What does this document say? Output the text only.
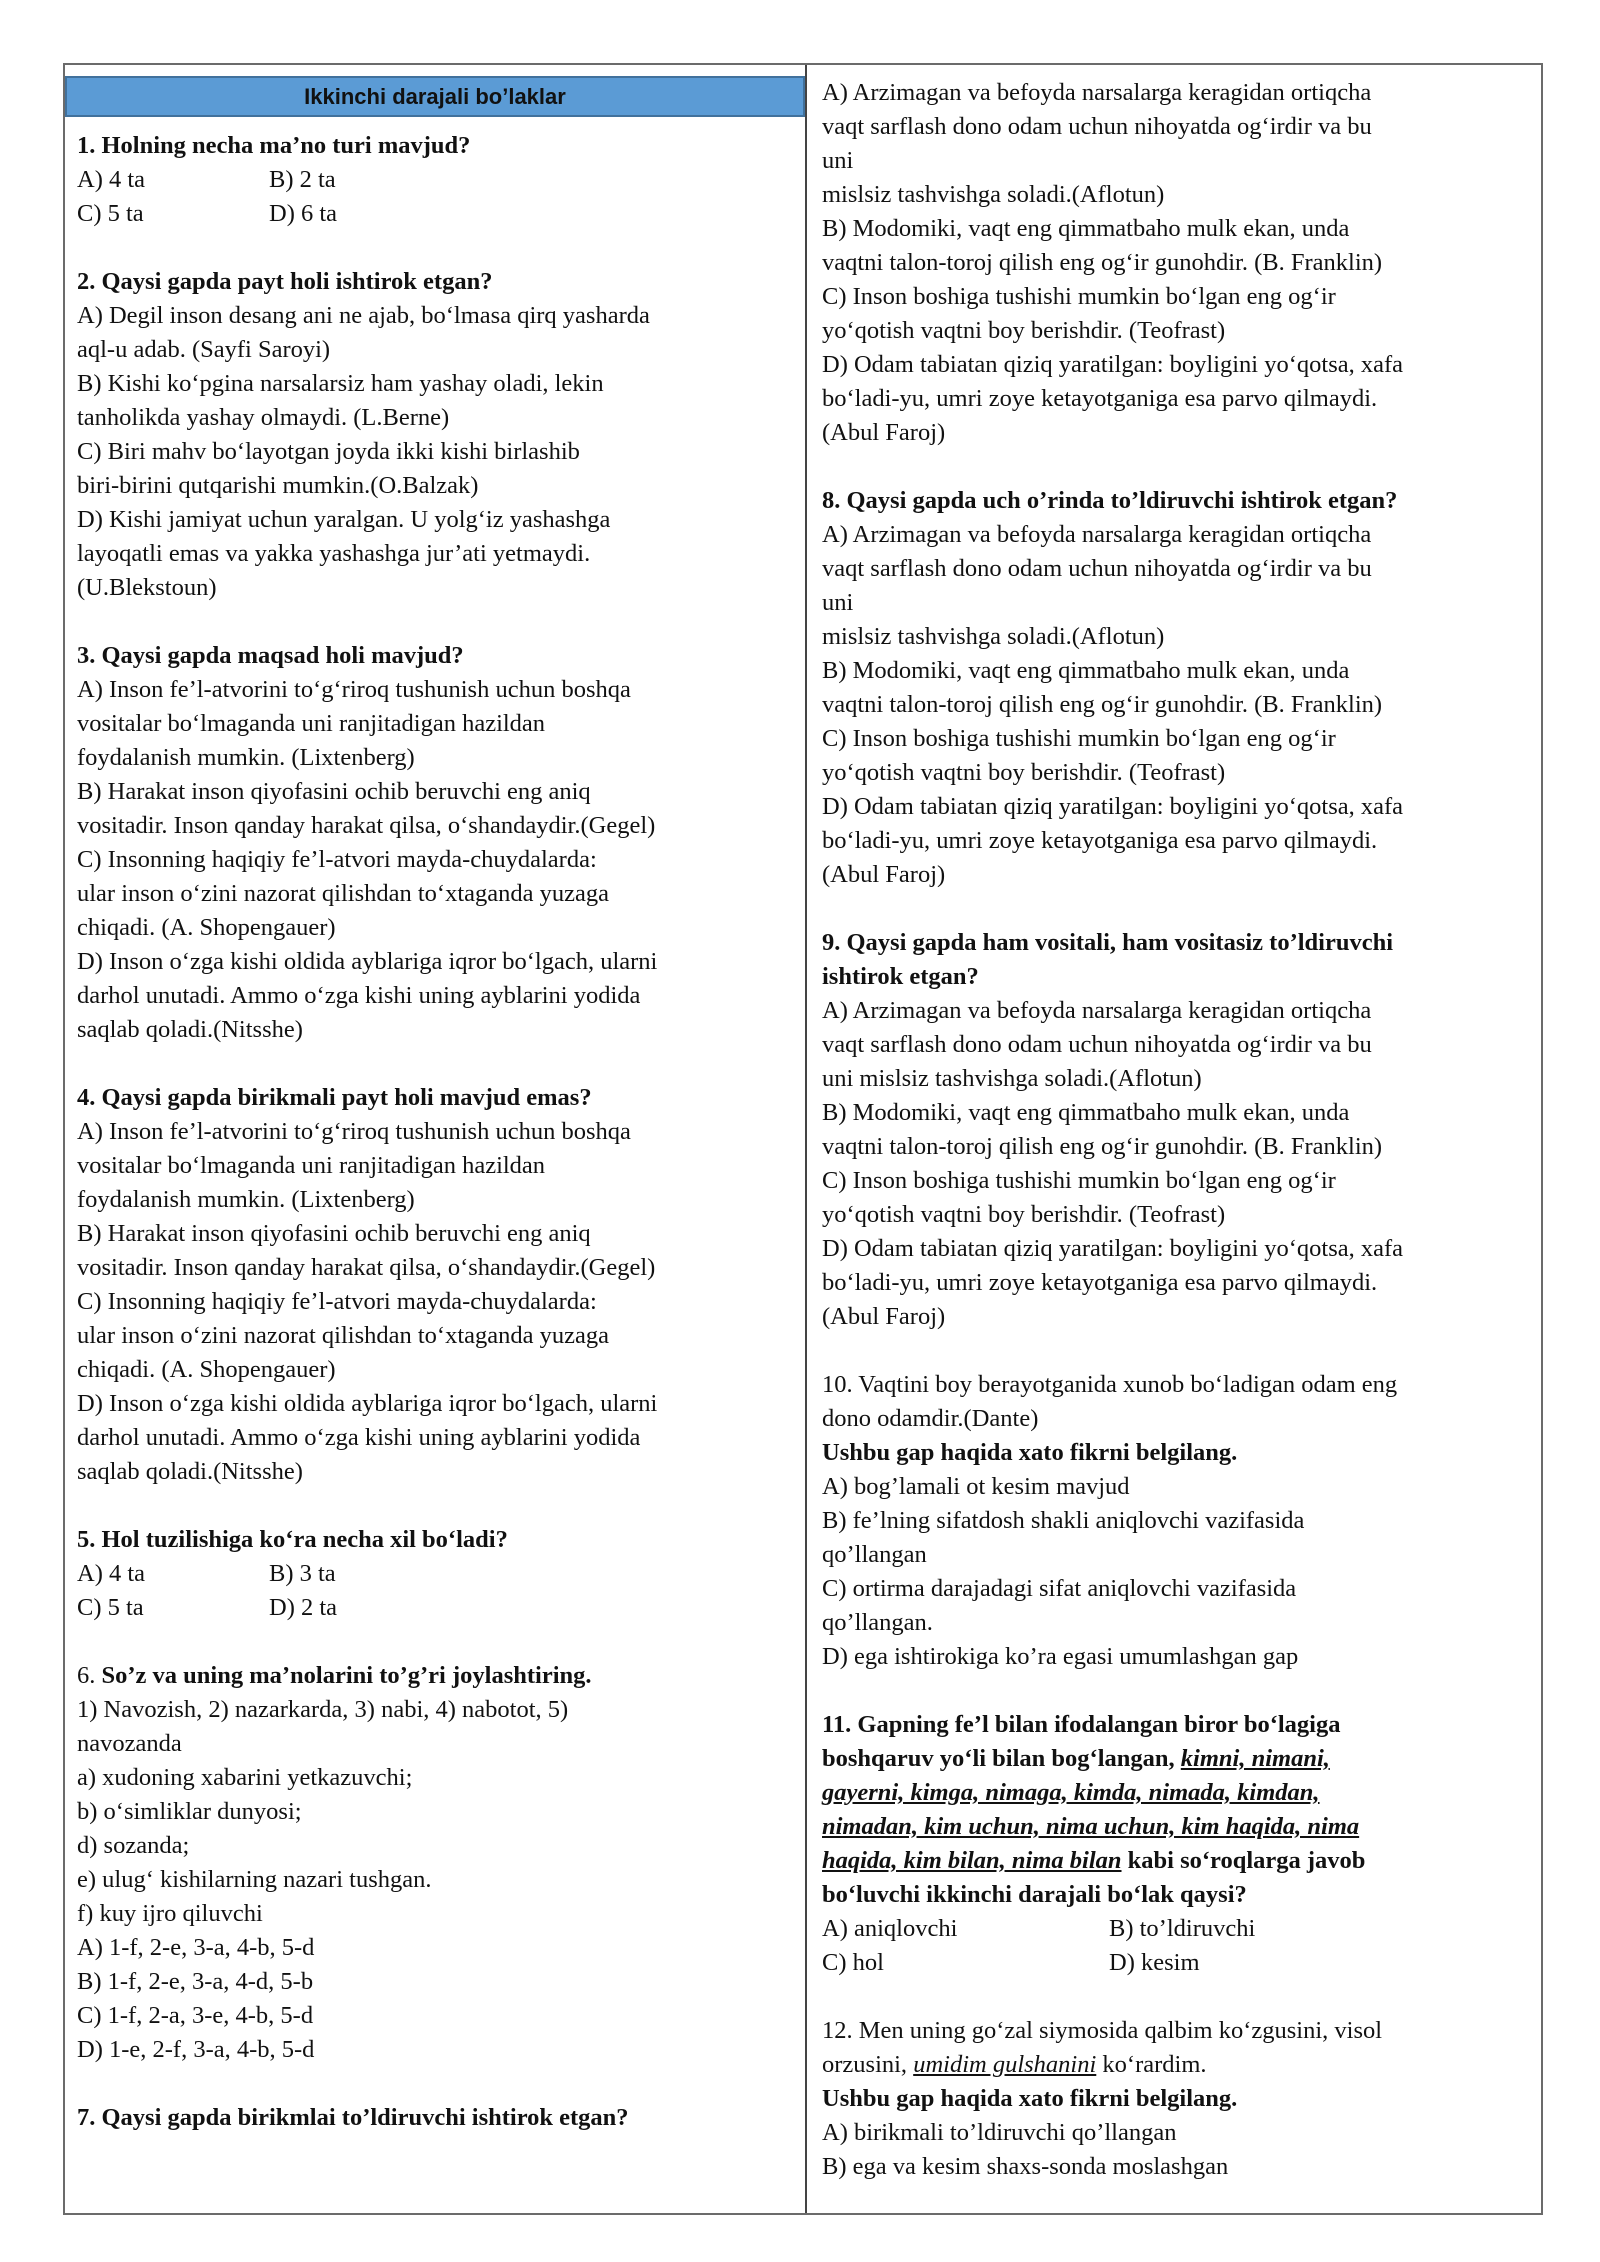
Ikkinchi darajali bo’laklar
1. Holning necha ma’no turi mavjud?
A) 4 ta	B) 2 ta
C) 5 ta	D) 6 ta
2. Qaysi gapda payt holi ishtirok etgan?
A) Degil inson desang ani ne ajab, bo‘lmasa qirq yasharda
aql-u adab. (Sayfi Saroyi)
B) Kishi ko‘pgina narsalarsiz ham yashay oladi, lekin
tanholikda yashay olmaydi. (L.Berne)
C) Biri mahv bo‘layotgan joyda ikki kishi birlashib
biri-birini qutqarishi mumkin.(O.Balzak)
D) Kishi jamiyat uchun yaralgan. U yolg‘iz yashashga
layoqatli emas va yakka yashashga jur’ati yetmaydi.
(U.Blekstoun)
3. Qaysi gapda maqsad holi mavjud?
A) Inson fe’l-atvorini to‘g‘riroq tushunish uchun boshqa
vositalar bo‘lmaganda uni ranjitadigan hazildan
foydalanish mumkin. (Lixtenberg)
B) Harakat inson qiyofasini ochib beruvchi eng aniq
vositadir. Inson qanday harakat qilsa, o‘shandaydir.(Gegel)
C) Insonning haqiqiy fe’l-atvori mayda-chuydalarda:
ular inson o‘zini nazorat qilishdan to‘xtaganda yuzaga
chiqadi. (A. Shopengauer)
D) Inson o‘zga kishi oldida ayblariga iqror bo‘lgach, ularni
darhol unutadi. Ammo o‘zga kishi uning ayblarini yodida
saqlab qoladi.(Nitsshe)
4. Qaysi gapda birikmali payt holi mavjud emas?
A) Inson fe’l-atvorini to‘g‘riroq tushunish uchun boshqa
vositalar bo‘lmaganda uni ranjitadigan hazildan
foydalanish mumkin. (Lixtenberg)
B) Harakat inson qiyofasini ochib beruvchi eng aniq
vositadir. Inson qanday harakat qilsa, o‘shandaydir.(Gegel)
C) Insonning haqiqiy fe’l-atvori mayda-chuydalarda:
ular inson o‘zini nazorat qilishdan to‘xtaganda yuzaga
chiqadi. (A. Shopengauer)
D) Inson o‘zga kishi oldida ayblariga iqror bo‘lgach, ularni
darhol unutadi. Ammo o‘zga kishi uning ayblarini yodida
saqlab qoladi.(Nitsshe)
5. Hol tuzilishiga ko‘ra necha xil bo‘ladi?
A) 4 ta	B) 3 ta
C) 5 ta	D) 2 ta
6. So’z va uning ma’nolarini to’g’ri joylashtiring.
1) Navozish, 2) nazarkarda, 3) nabi, 4) nabotot, 5)
navozanda
a) xudoning xabarini yetkazuvchi;
b) o‘simliklar dunyosi;
d) sozanda;
e) ulug‘ kishilarning nazari tushgan.
f) kuy ijro qiluvchi
A) 1-f, 2-e, 3-a, 4-b, 5-d
B) 1-f, 2-e, 3-a, 4-d, 5-b
C) 1-f, 2-a, 3-e, 4-b, 5-d
D) 1-e, 2-f, 3-a, 4-b, 5-d
7. Qaysi gapda birikmlai to’ldiruvchi ishtirok etgan?
A) Arzimagan va befoyda narsalarga keragidan ortiqcha
vaqt sarflash dono odam uchun nihoyatda og‘irdir va bu
uni
mislsiz tashvishga soladi.(Aflotun)
B) Modomiki, vaqt eng qimmatbaho mulk ekan, unda
vaqtni talon-toroj qilish eng og‘ir gunohdir. (B. Franklin)
C) Inson boshiga tushishi mumkin bo‘lgan eng og‘ir
yo‘qotish vaqtni boy berishdir. (Teofrast)
D) Odam tabiatan qiziq yaratilgan: boyligini yo‘qotsa, xafa
bo‘ladi-yu, umri zoye ketayotganiga esa parvo qilmaydi.
(Abul Faroj)
8. Qaysi gapda uch o’rinda to’ldiruvchi ishtirok etgan?
A) Arzimagan va befoyda narsalarga keragidan ortiqcha
vaqt sarflash dono odam uchun nihoyatda og‘irdir va bu
uni
mislsiz tashvishga soladi.(Aflotun)
B) Modomiki, vaqt eng qimmatbaho mulk ekan, unda
vaqtni talon-toroj qilish eng og‘ir gunohdir. (B. Franklin)
C) Inson boshiga tushishi mumkin bo‘lgan eng og‘ir
yo‘qotish vaqtni boy berishdir. (Teofrast)
D) Odam tabiatan qiziq yaratilgan: boyligini yo‘qotsa, xafa
bo‘ladi-yu, umri zoye ketayotganiga esa parvo qilmaydi.
(Abul Faroj)
9. Qaysi gapda ham vositali, ham vositasiz to’ldiruvchi
ishtirok etgan?
A) Arzimagan va befoyda narsalarga keragidan ortiqcha
vaqt sarflash dono odam uchun nihoyatda og‘irdir va bu
uni mislsiz tashvishga soladi.(Aflotun)
B) Modomiki, vaqt eng qimmatbaho mulk ekan, unda
vaqtni talon-toroj qilish eng og‘ir gunohdir. (B. Franklin)
C) Inson boshiga tushishi mumkin bo‘lgan eng og‘ir
yo‘qotish vaqtni boy berishdir. (Teofrast)
D) Odam tabiatan qiziq yaratilgan: boyligini yo‘qotsa, xafa
bo‘ladi-yu, umri zoye ketayotganiga esa parvo qilmaydi.
(Abul Faroj)
10. Vaqtini boy berayotganida xunob bo‘ladigan odam eng
dono odamdir.(Dante)
Ushbu gap haqida xato fikrni belgilang.
A) bog’lamali ot kesim mavjud
B) fe’lning sifatdosh shakli aniqlovchi vazifasida
qo’llangan
C) ortirma darajadagi sifat aniqlovchi vazifasida
qo’llangan.
D) ega ishtirokiga ko’ra egasi umumlashgan gap
11. Gapning fe’l bilan ifodalangan biror bo‘lagiga
boshqaruv yo‘li bilan bog‘langan, kimni, nimani,
gayerni, kimga, nimaga, kimda, nimada, kimdan,
nimadan, kim uchun, nima uchun, kim haqida, nima
haqida, kim bilan, nima bilan kabi so‘roqlarga javob
bo‘luvchi ikkinchi darajali bo‘lak qaysi?
A) aniqlovchi	B) to’ldiruvchi
C) hol	D) kesim
12. Men uning go‘zal siymosida qalbim ko‘zgusini, visol
orzusini, umidim gulshanini ko‘rardim.
Ushbu gap haqida xato fikrni belgilang.
A) birikmali to’ldiruvchi qo’llangan
B) ega va kesim shaxs-sonda moslashgan
